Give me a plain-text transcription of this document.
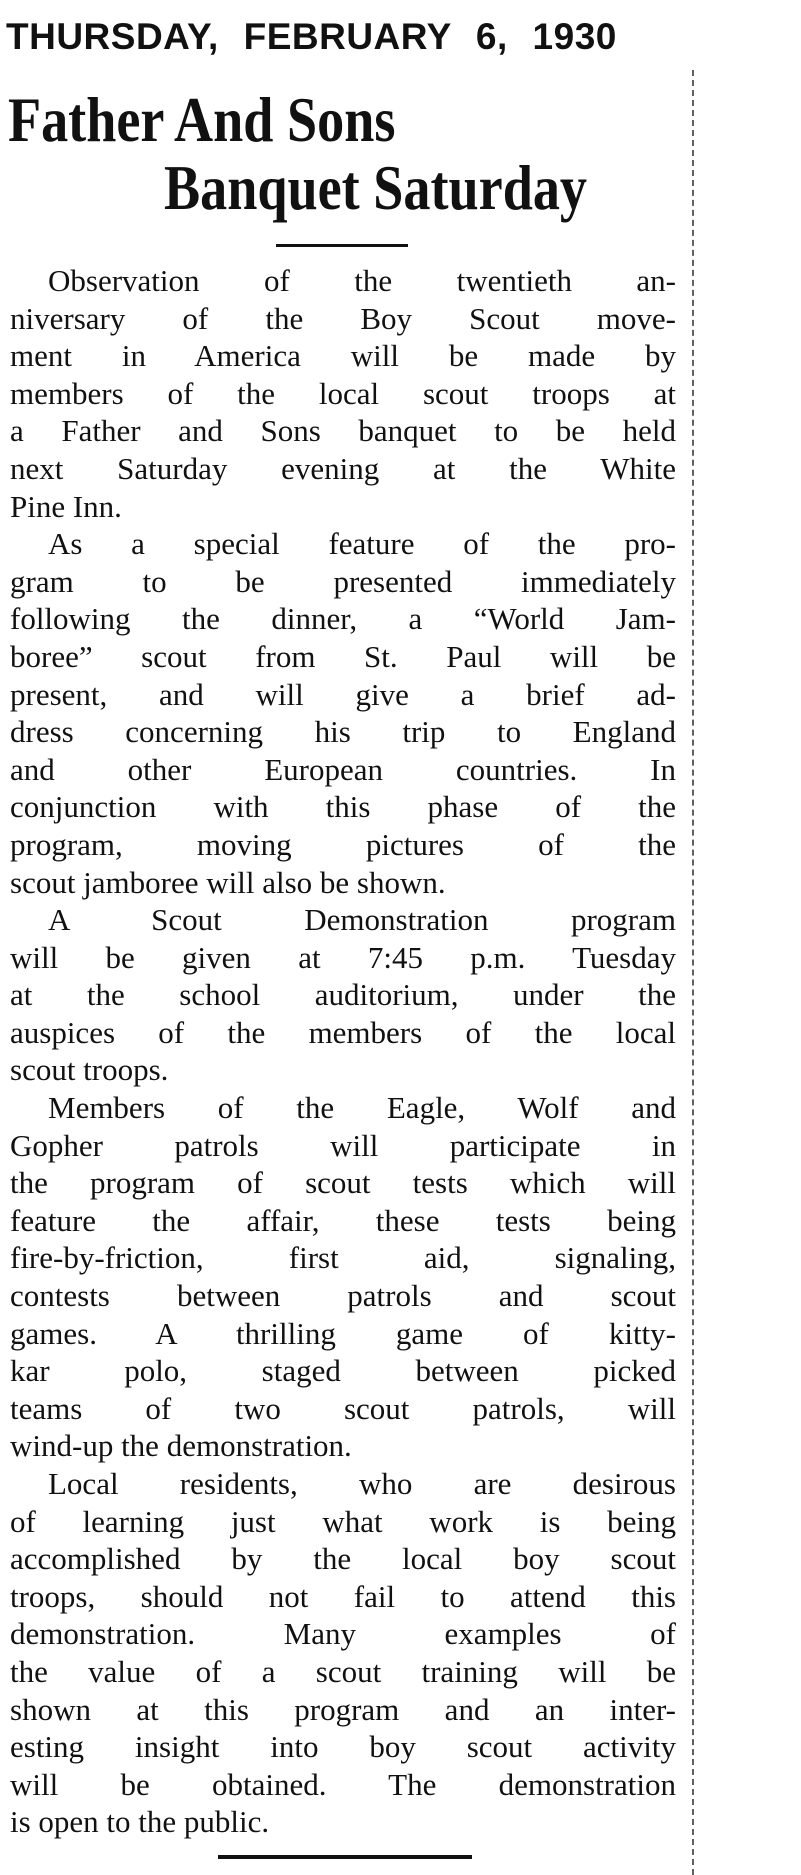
THURSDAY, FEBRUARY 6, 1930
Father And Sons
Banquet Saturday
Observation of the twentieth an-
niversary of the Boy Scout move-
ment in America will be made by
members of the local scout troops at
a Father and Sons banquet to be held
next Saturday evening at the White
Pine Inn.
As a special feature of the pro-
gram to be presented immediately
following the dinner, a “World Jam-
boree” scout from St. Paul will be
present, and will give a brief ad-
dress concerning his trip to England
and other European countries. In
conjunction with this phase of the
program, moving pictures of the
scout jamboree will also be shown.
A Scout Demonstration program
will be given at 7:45 p.m. Tuesday
at the school auditorium, under the
auspices of the members of the local
scout troops.
Members of the Eagle, Wolf and
Gopher patrols will participate in
the program of scout tests which will
feature the affair, these tests being
fire-by-friction, first aid, signaling,
contests between patrols and scout
games. A thrilling game of kitty-
kar polo, staged between picked
teams of two scout patrols, will
wind-up the demonstration.
Local residents, who are desirous
of learning just what work is being
accomplished by the local boy scout
troops, should not fail to attend this
demonstration. Many examples of
the value of a scout training will be
shown at this program and an inter-
esting insight into boy scout activity
will be obtained. The demonstration
is open to the public.
